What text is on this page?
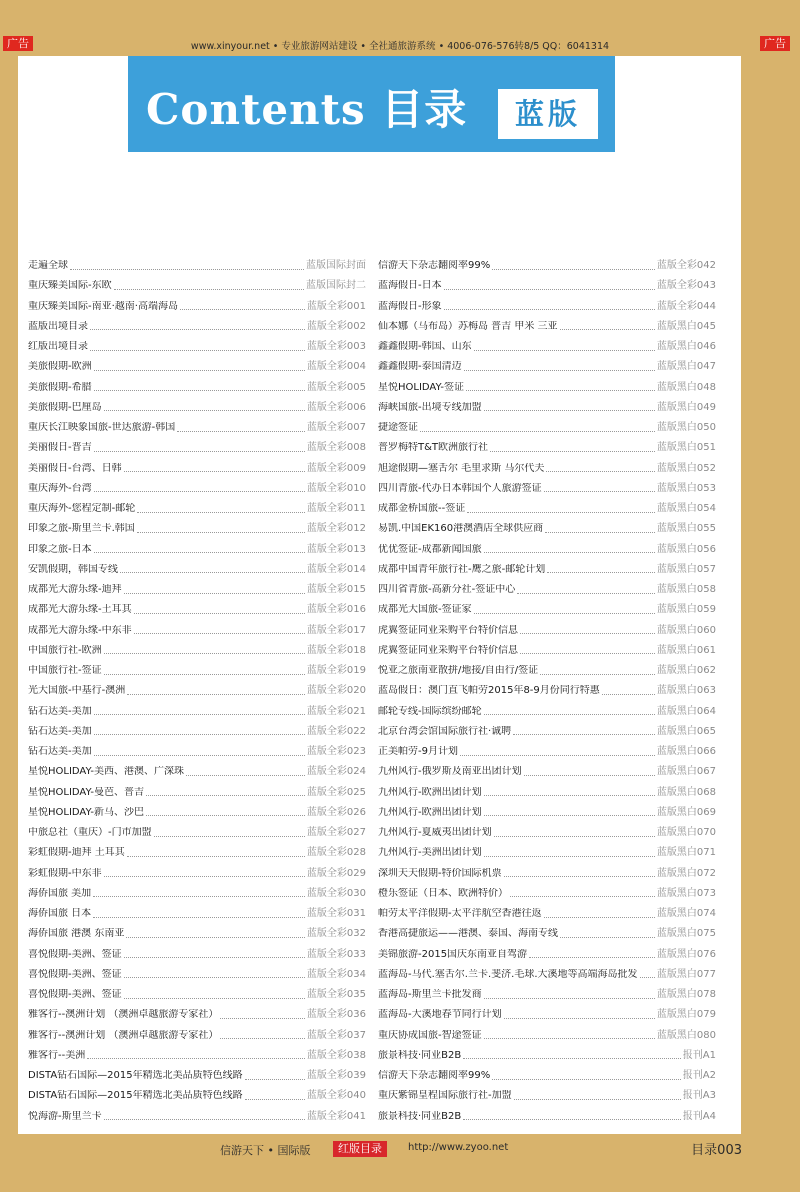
广告	www.xinyour.net • 专业旅游网站建设 • 全社通旅游系统 • 4006-076-576转8/5 QQ：6041314	广告
Contents 目录	蓝版
走遍全球	蓝版国际封面
重庆臻美国际-东欧	蓝版国际封二
重庆臻美国际-南亚·越南·高端海岛	蓝版全彩001
蓝版出境目录	蓝版全彩002
红版出境目录	蓝版全彩003
美旅假期-欧洲	蓝版全彩004
美旅假期-希腊	蓝版全彩005
美旅假期-巴厘岛	蓝版全彩006
重庆长江映象国旅-世达旅游-韩国	蓝版全彩007
美丽假日-普吉	蓝版全彩008
美丽假日-台湾、日韩	蓝版全彩009
重庆海外-台湾	蓝版全彩010
重庆海外-您程定制-邮轮	蓝版全彩011
印象之旅-斯里兰卡.韩国	蓝版全彩012
印象之旅-日本	蓝版全彩013
安凯假期，韩国专线	蓝版全彩014
成都光大游乐缘-迪拜	蓝版全彩015
成都光大游乐缘-土耳其	蓝版全彩016
成都光大游乐缘-中东非	蓝版全彩017
中国旅行社-欧洲	蓝版全彩018
中国旅行社-签证	蓝版全彩019
光大国旅-中基行-澳洲	蓝版全彩020
钻石达美-美加	蓝版全彩021
钻石达美-美加	蓝版全彩022
钻石达美-美加	蓝版全彩023
星悦HOLIDAY-美西、港澳、广深珠	蓝版全彩024
星悦HOLIDAY-曼芭、普吉	蓝版全彩025
星悦HOLIDAY-新马、沙巴	蓝版全彩026
中旅总社（重庆）-门市加盟	蓝版全彩027
彩虹假期-迪拜 土耳其	蓝版全彩028
彩虹假期-中东非	蓝版全彩029
海侨国旅 美加	蓝版全彩030
海侨国旅 日本	蓝版全彩031
海侨国旅 港澳 东南亚	蓝版全彩032
喜悦假期-美洲、签证	蓝版全彩033
喜悦假期-美洲、签证	蓝版全彩034
喜悦假期-美洲、签证	蓝版全彩035
雅客行--澳洲计划 （澳洲卓越旅游专家社）	蓝版全彩036
雅客行--澳洲计划 （澳洲卓越旅游专家社）	蓝版全彩037
雅客行--美洲	蓝版全彩038
DISTA钻石国际—2015年精选北美品质特色线路	蓝版全彩039
DISTA钻石国际—2015年精选北美品质特色线路	蓝版全彩040
悦海游-斯里兰卡	蓝版全彩041
信游天下杂志翻阅率99%	蓝版全彩042
蓝海假日-日本	蓝版全彩043
蓝海假日-形象	蓝版全彩044
仙本娜（马布岛）苏梅岛 普吉 甲米 三亚	蓝版黑白045
鑫鑫假期-韩国、山东	蓝版黑白046
鑫鑫假期-泰国清迈	蓝版黑白047
星悦HOLIDAY-签证	蓝版黑白048
海峡国旅-出境专线加盟	蓝版黑白049
捷途签证	蓝版黑白050
普罗梅特T&T欧洲旅行社	蓝版黑白051
旭途假期—塞舌尔 毛里求斯 马尔代夫	蓝版黑白052
四川青旅-代办日本韩国个人旅游签证	蓝版黑白053
成都金桥国旅--签证	蓝版黑白054
易凯.中国EK160港澳酒店全球供应商	蓝版黑白055
优优签证-成都新闻国旅	蓝版黑白056
成都中国青年旅行社-鹰之旅-邮轮计划	蓝版黑白057
四川省青旅-高新分社-签证中心	蓝版黑白058
成都光大国旅-签证家	蓝版黑白059
虎翼签证同业采购平台特价信息	蓝版黑白060
虎翼签证同业采购平台特价信息	蓝版黑白061
悦亚之旅南亚散拼/地接/自由行/签证	蓝版黑白062
蓝岛假日：澳门直飞帕劳2015年8-9月份同行特惠	蓝版黑白063
邮轮专线-国际缤纷邮轮	蓝版黑白064
北京台湾会馆国际旅行社·诚聘	蓝版黑白065
正美帕劳-9月计划	蓝版黑白066
九州风行-俄罗斯及南亚出团计划	蓝版黑白067
九州风行-欧洲出团计划	蓝版黑白068
九州风行-欧洲出团计划	蓝版黑白069
九州风行-夏威夷出团计划	蓝版黑白070
九州风行-美洲出团计划	蓝版黑白071
深圳天天假期-特价国际机票	蓝版黑白072
橙乐签证（日本、欧洲特价）	蓝版黑白073
帕劳太平洋假期-太平洋航空香港往返	蓝版黑白074
香港高捷旅运——港澳、泰国、海南专线	蓝版黑白075
美锦旅游-2015国庆东南亚自驾游	蓝版黑白076
蓝海岛-马代.塞舌尔.兰卡.斐济.毛球.大溪地等高端海岛批发 蓝版黑白077
蓝海岛-斯里兰卡批发商	蓝版黑白078
蓝海岛-大溪地春节同行计划	蓝版黑白079
重庆协成国旅-智途签证	蓝版黑白080
旅景科技·同业B2B	报刊A1
信游天下杂志翻阅率99%	报刊A2
重庆紫锦皇程国际旅行社-加盟	报刊A3
旅景科技·同业B2B	报刊A4
信游天下 • 国际版	红版目录	http://www.zyoo.net	目录003
